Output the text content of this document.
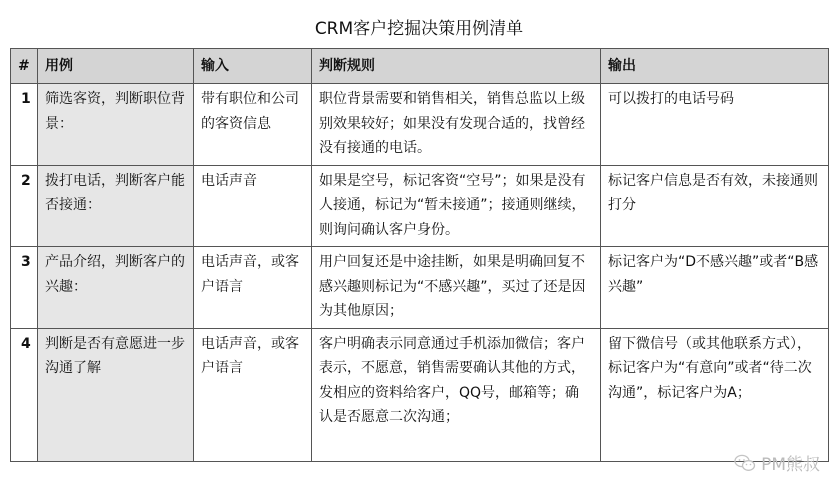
CRM客户挖掘决策用例清单
#	用例	输入	判断规则	输出
1	筛选客资，判断职位背景：	带有职位和公司的客资信息	职位背景需要和销售相关，销售总监以上级别效果较好；如果没有发现合适的，找曾经没有接通的电话。	可以拨打的电话号码
2	拨打电话，判断客户能否接通：	电话声音	如果是空号，标记客资“空号”；如果是没有人接通，标记为“暂未接通”；接通则继续，则询问确认客户身份。	标记客户信息是否有效，未接通则打分
3	产品介绍，判断客户的兴趣：	电话声音，或客户语言	用户回复还是中途挂断，如果是明确回复不感兴趣则标记为“不感兴趣”，买过了还是因为其他原因；	标记客户为“D不感兴趣”或者“B感兴趣”
4	判断是否有意愿进一步沟通了解	电话声音，或客户语言	客户明确表示同意通过手机添加微信；客户表示，不愿意，销售需要确认其他的方式，发相应的资料给客户，QQ号，邮箱等；确认是否愿意二次沟通；	留下微信号（或其他联系方式），标记客户为“有意向”或者“待二次沟通”，标记客户为A；
PM熊叔
